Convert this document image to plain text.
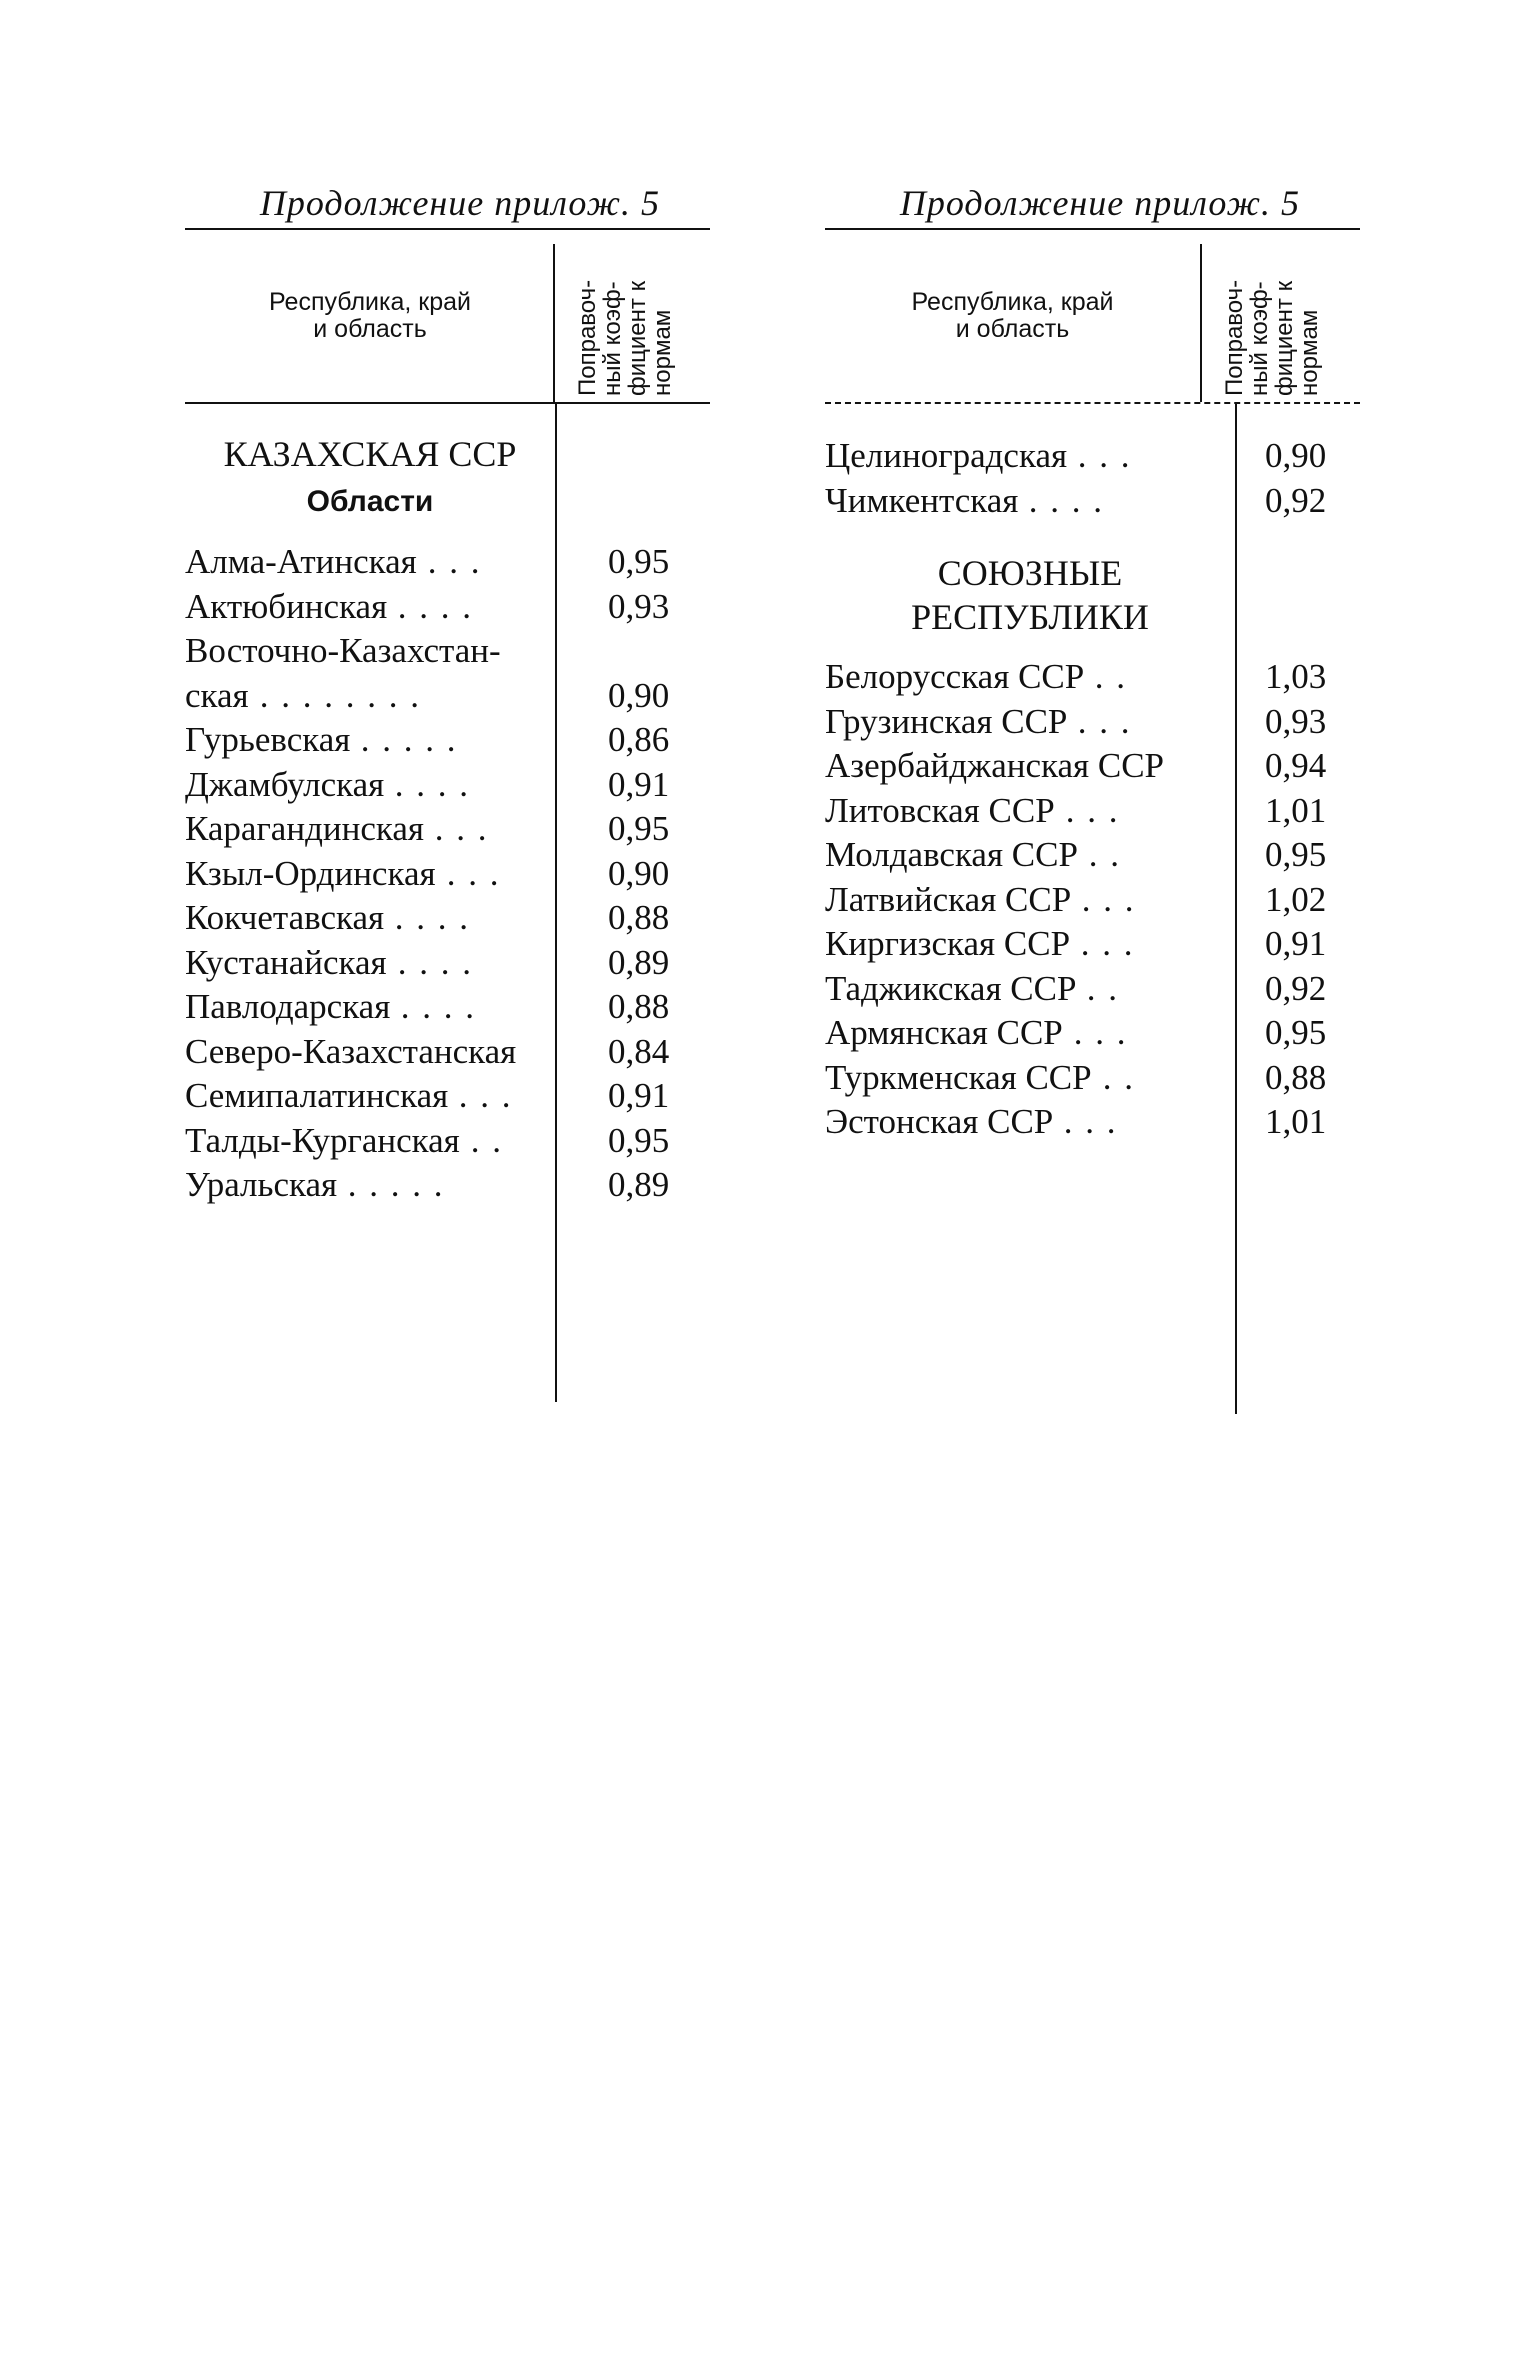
Продолжение прилож. 5
Республика, край
и область	Поправоч-
ный коэф-
фициент к
нормам
КАЗАХСКАЯ ССР
Области
Алма-Атинская . . .	0,95
Актюбинская . . . .	0,93
Восточно-Казахстан-
ская . . . . . . . .	0,90
Гурьевская . . . . .	0,86
Джамбулская . . . .	0,91
Карагандинская . . .	0,95
Кзыл-Ординская . . .	0,90
Кокчетавская . . . .	0,88
Кустанайская . . . .	0,89
Павлодарская . . . .	0,88
Северо-Казахстанская	0,84
Семипалатинская . . .	0,91
Талды-Курганская . .	0,95
Уральская . . . . .	0,89
Продолжение прилож. 5
Республика, край
и область	Поправоч-
ный коэф-
фициент к
нормам
Целиноградская . . .	0,90
Чимкентская . . . .	0,92
СОЮЗНЫЕ
РЕСПУБЛИКИ
Белорусская ССР . .	1,03
Грузинская ССР . . .	0,93
Азербайджанская ССР	0,94
Литовская ССР . . .	1,01
Молдавская ССР . .	0,95
Латвийская ССР . . .	1,02
Киргизская ССР . . .	0,91
Таджикская ССР . .	0,92
Армянская ССР . . .	0,95
Туркменская ССР . .	0,88
Эстонская ССР . . .	1,01
